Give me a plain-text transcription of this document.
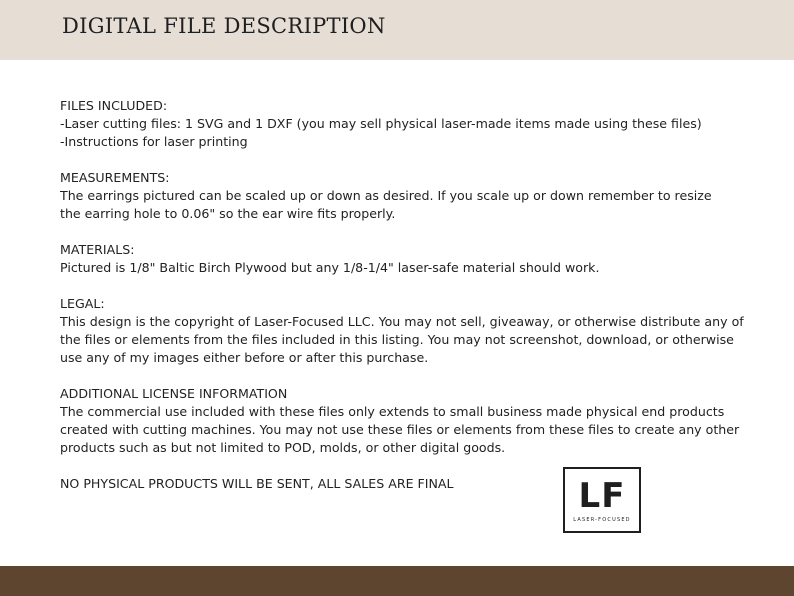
DIGITAL FILE DESCRIPTION
FILES INCLUDED:
-Laser cutting files: 1 SVG and 1 DXF (you may sell physical laser-made items made using these files)
-Instructions for laser printing
MEASUREMENTS:
The earrings pictured can be scaled up or down as desired. If you scale up or down remember to resize
the earring hole to 0.06" so the ear wire fits properly.
MATERIALS:
Pictured is 1/8" Baltic Birch Plywood but any 1/8-1/4" laser-safe material should work.
LEGAL:
This design is the copyright of Laser-Focused LLC. You may not sell, giveaway, or otherwise distribute any of
the files or elements from the files included in this listing. You may not screenshot, download, or otherwise
use any of my images either before or after this purchase.
ADDITIONAL LICENSE INFORMATION
The commercial use included with these files only extends to small business made physical end products
created with cutting machines. You may not use these files or elements from these files to create any other
products such as but not limited to POD, molds, or other digital goods.
NO PHYSICAL PRODUCTS WILL BE SENT, ALL SALES ARE FINAL	LF
LASER-FOCUSED
